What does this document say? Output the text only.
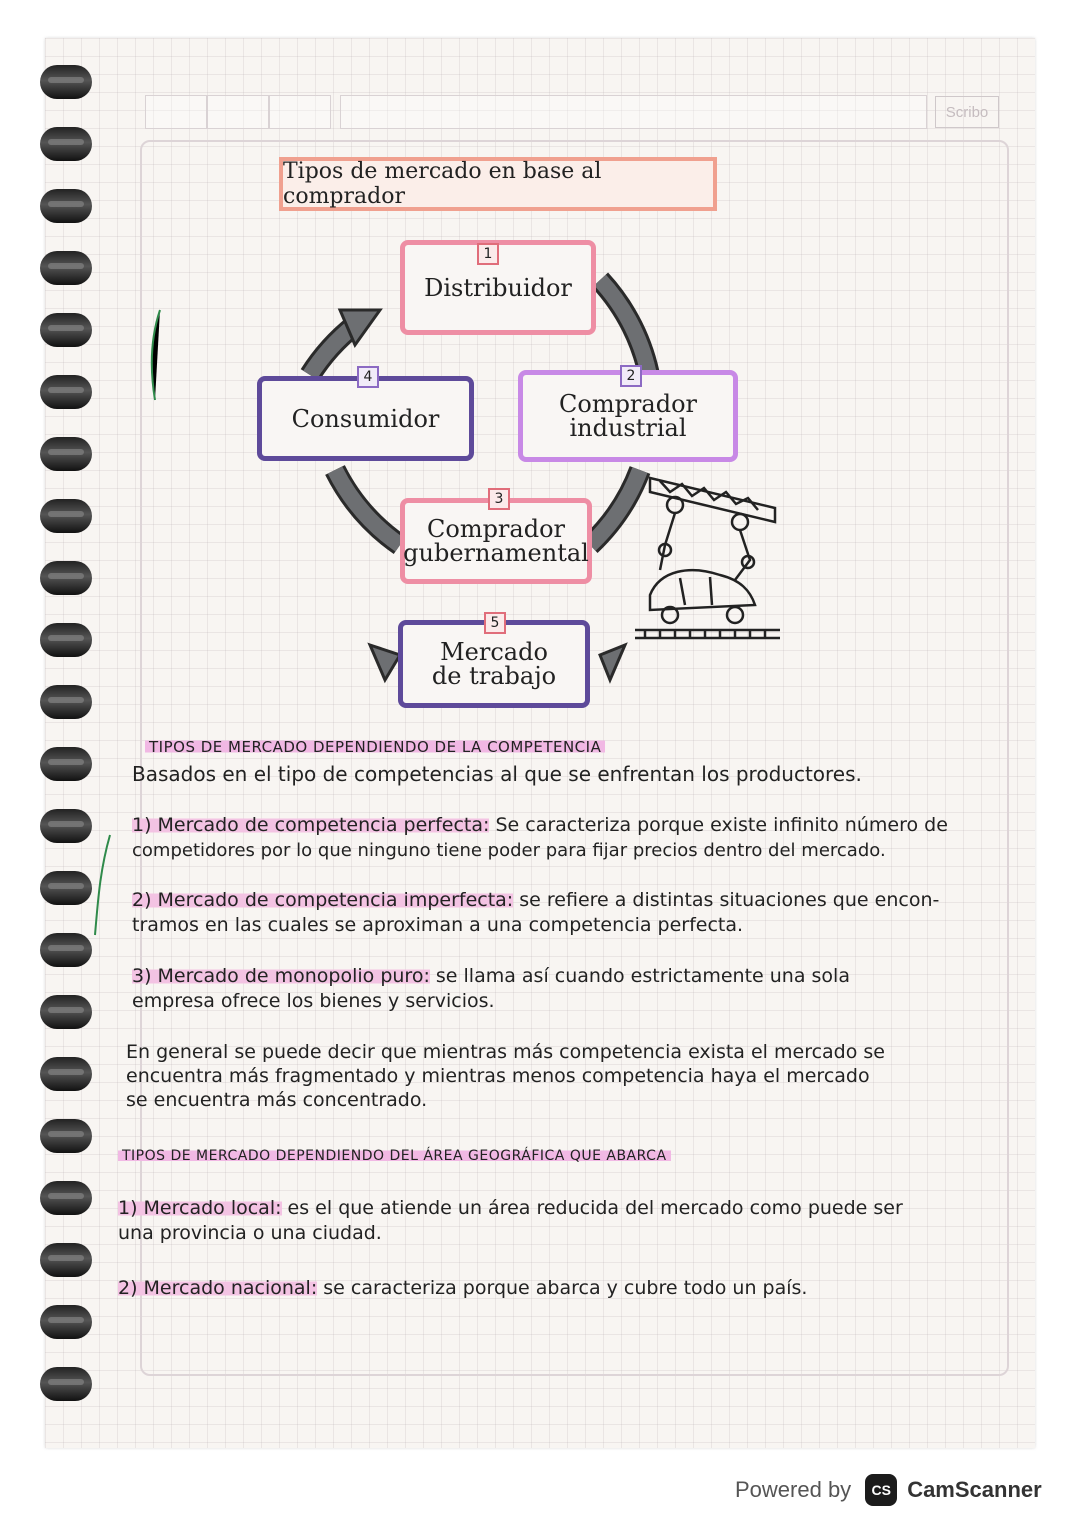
Scribo
Tipos de mercado en base al comprador
Distribuidor
1
Comprador
industrial
2
Comprador
gubernamental
3
Consumidor
4
Mercado
de trabajo
5
TIPOS DE MERCADO DEPENDIENDO DE LA COMPETENCIA
Basados en el tipo de competencias al que se enfrentan los productores.
1) Mercado de competencia perfecta: Se caracteriza porque existe infinito número de
competidores por lo que ninguno tiene poder para fijar precios dentro del mercado.
2) Mercado de competencia imperfecta: se refiere a distintas situaciones que encon-
tramos en las cuales se aproximan a una competencia perfecta.
3) Mercado de monopolio puro: se llama así cuando estrictamente una sola
empresa ofrece los bienes y servicios.
En general se puede decir que mientras más competencia exista el mercado se
encuentra más fragmentado y mientras menos competencia haya el mercado
se encuentra más concentrado.
TIPOS DE MERCADO DEPENDIENDO DEL ÁREA GEOGRÁFICA QUE ABARCA
1) Mercado local: es el que atiende un área reducida del mercado como puede ser
una provincia o una ciudad.
2) Mercado nacional: se caracteriza porque abarca y cubre todo un país.
Powered by	CS CamScanner
